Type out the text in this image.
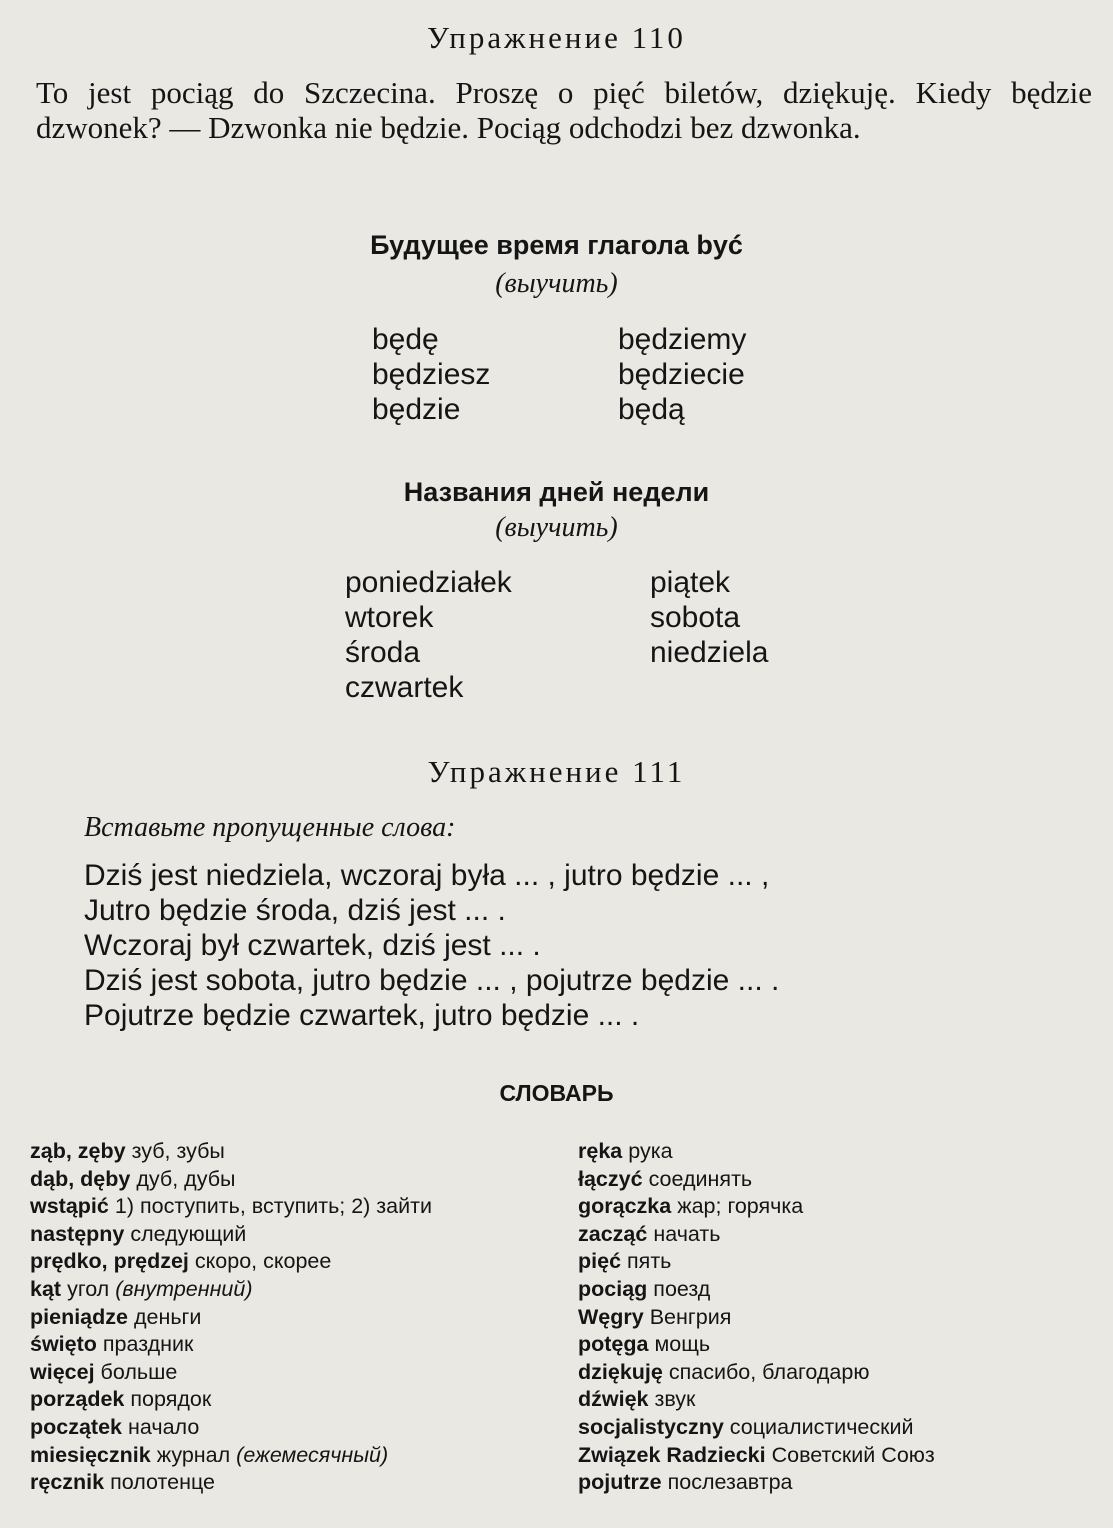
Упражнение 110

To jest pociąg do Szczecina. Proszę o pięć biletów, dziękuję. Kiedy będzie dzwonek? — Dzwonka nie będzie. Pociąg odchodzi bez dzwonka.

Будущее время глагола być
(выучить)
będę
będziesz
będzie
będziemy
będziecie
będą
Названия дней недели
(выучить)
poniedziałek
wtorek
środa
czwartek
piątek
sobota
niedziela
Упражнение 111
Вставьте пропущенные слова:
Dziś jest niedziela, wczoraj była ... , jutro będzie ... ,
Jutro będzie środa, dziś jest ... .
Wczoraj był czwartek, dziś jest ... .
Dziś jest sobota, jutro będzie ... , pojutrze będzie ... .
Pojutrze będzie czwartek, jutro będzie ... .
СЛОВАРЬ
ząb, zęby зуб, зубы
dąb, dęby дуб, дубы
wstąpić 1) поступить, вступить; 2) зайти
następny следующий
prędko, prędzej скоро, скорее
kąt угол (внутренний)
pieniądze деньги
święto праздник
więcej больше
porządek порядок
początek начало
miesięcznik журнал (ежемесячный)
ręcznik полотенце
ręka рука
łączyć соединять
gorączka жар; горячка
zacząć начать
pięć пять
pociąg поезд
Węgry Венгрия
potęga мощь
dziękuję спасибо, благодарю
dźwięk звук
socjalistyczny социалистический
Związek Radziecki Советский Союз
pojutrze послезавтра
